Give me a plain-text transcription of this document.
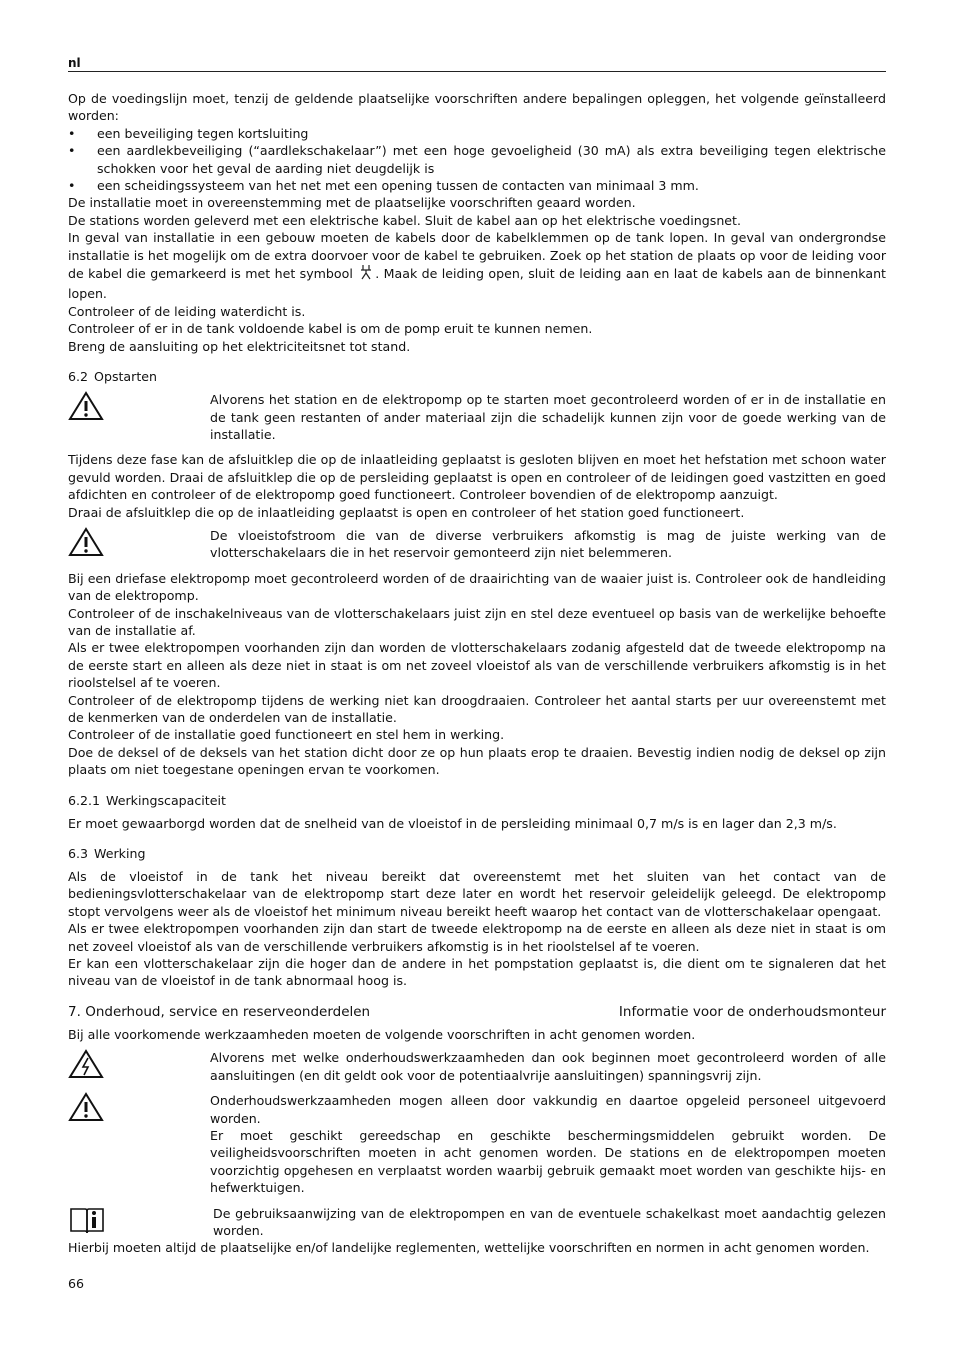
nl

Op de voedingslijn moet, tenzij de geldende plaatselijke voorschriften andere bepalingen opleggen, het volgende geïnstalleerd worden:

• een beveiliging tegen kortsluiting
• een aardlekbeveiliging (“aardlekschakelaar”) met een hoge gevoeligheid (30 mA) als extra beveiliging tegen elektrische schokken voor het geval de aarding niet deugdelijk is
• een scheidingssysteem van het net met een opening tussen de contacten van minimaal 3 mm.

De installatie moet in overeenstemming met de plaatselijke voorschriften geaard worden.

De stations worden geleverd met een elektrische kabel. Sluit de kabel aan op het elektrische voedingsnet.

In geval van installatie in een gebouw moeten de kabels door de kabelklemmen op de tank lopen. In geval van ondergrondse installatie is het mogelijk om de extra doorvoer voor de kabel te gebruiken. Zoek op het station de plaats op voor de leiding voor de kabel die gemarkeerd is met het symbool . Maak de leiding open, sluit de leiding aan en laat de kabels aan de binnenkant lopen.

Controleer of de leiding waterdicht is.

Controleer of er in de tank voldoende kabel is om de pomp eruit te kunnen nemen.

Breng de aansluiting op het elektriciteitsnet tot stand.

6.2 Opstarten
Alvorens het station en de elektropomp op te starten moet gecontroleerd worden of er in de installatie en de tank geen restanten of ander materiaal zijn die schadelijk kunnen zijn voor de goede werking van de installatie.

Tijdens deze fase kan de afsluitklep die op de inlaatleiding geplaatst is gesloten blijven en moet het hefstation met schoon water gevuld worden. Draai de afsluitklep die op de persleiding geplaatst is open en controleer of de leidingen goed vastzitten en goed afdichten en controleer of de elektropomp goed functioneert. Controleer bovendien of de elektropomp aanzuigt.

Draai de afsluitklep die op de inlaatleiding geplaatst is open en controleer of het station goed functioneert.

De vloeistofstroom die van de diverse verbruikers afkomstig is mag de juiste werking van de vlotterschakelaars die in het reservoir gemonteerd zijn niet belemmeren.

Bij een driefase elektropomp moet gecontroleerd worden of de draairichting van de waaier juist is. Controleer ook de handleiding van de elektropomp.

Controleer of de inschakelniveaus van de vlotterschakelaars juist zijn en stel deze eventueel op basis van de werkelijke behoefte van de installatie af.

Als er twee elektropompen voorhanden zijn dan worden de vlotterschakelaars zodanig afgesteld dat de tweede elektropomp na de eerste start en alleen als deze niet in staat is om net zoveel vloeistof als van de verschillende verbruikers afkomstig is in het rioolstelsel af te voeren.

Controleer of de elektropomp tijdens de werking niet kan droogdraaien. Controleer het aantal starts per uur overeenstemt met de kenmerken van de onderdelen van de installatie.

Controleer of de installatie goed functioneert en stel hem in werking.

Doe de deksel of de deksels van het station dicht door ze op hun plaats erop te draaien. Bevestig indien nodig de deksel op zijn plaats om niet toegestane openingen ervan te voorkomen.

6.2.1 Werkingscapaciteit

Er moet gewaarborgd worden dat de snelheid van de vloeistof in de persleiding minimaal 0,7 m/s is en lager dan 2,3 m/s.

6.3 Werking

Als de vloeistof in de tank het niveau bereikt dat overeenstemt met het sluiten van het contact van de bedieningsvlotterschakelaar van de elektropomp start deze later en wordt het reservoir geleidelijk geleegd. De elektropomp stopt vervolgens weer als de vloeistof het minimum niveau bereikt heeft waarop het contact van de vlotterschakelaar opengaat.

Als er twee elektropompen voorhanden zijn dan start de tweede elektropomp na de eerste en alleen als deze niet in staat is om net zoveel vloeistof als van de verschillende verbruikers afkomstig is in het rioolstelsel af te voeren.

Er kan een vlotterschakelaar zijn die hoger dan de andere in het pompstation geplaatst is, die dient om te signaleren dat het niveau van de vloeistof in de tank abnormaal hoog is.

7. Onderhoud, service en reserveonderdelen	Informatie voor de onderhoudsmonteur

Bij alle voorkomende werkzaamheden moeten de volgende voorschriften in acht genomen worden.

Alvorens met welke onderhoudswerkzaamheden dan ook beginnen moet gecontroleerd worden of alle aansluitingen (en dit geldt ook voor de potentiaalvrije aansluitingen) spanningsvrij zijn.
Onderhoudswerkzaamheden mogen alleen door vakkundig en daartoe opgeleid personeel uitgevoerd worden.
Er moet geschikt gereedschap en geschikte beschermingsmiddelen gebruikt worden. De veiligheidsvoorschriften moeten in acht genomen worden. De stations en de elektropompen moeten voorzichtig opgehesen en verplaatst worden waarbij gebruik gemaakt moet worden van geschikte hijs- en hefwerktuigen.
De gebruiksaanwijzing van de elektropompen en van de eventuele schakelkast moet aandachtig gelezen worden.

Hierbij moeten altijd de plaatselijke en/of landelijke reglementen, wettelijke voorschriften en normen in acht genomen worden.

66
